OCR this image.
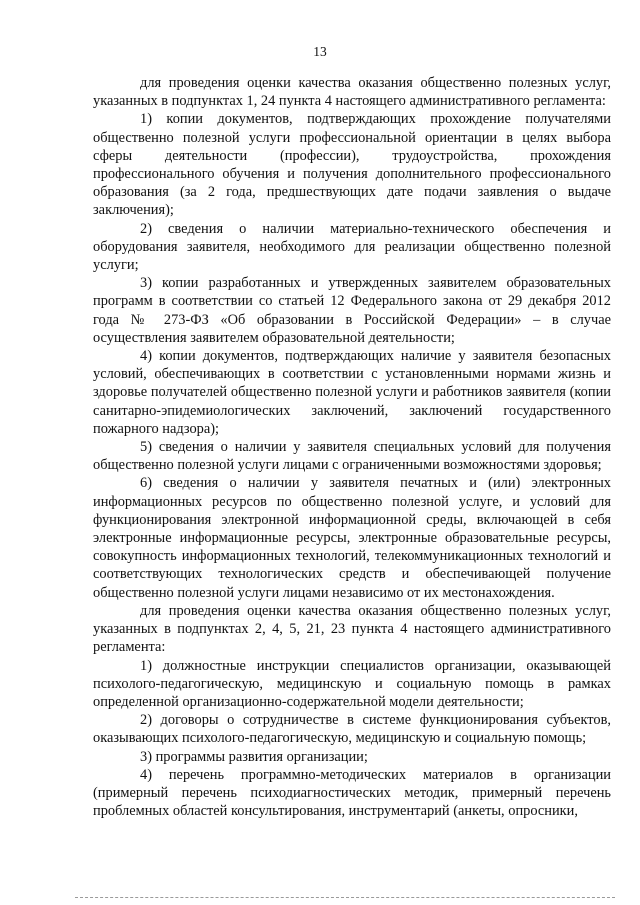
13

для проведения оценки качества оказания общественно полезных услуг, указанных в подпунктах 1, 24 пункта 4 настоящего административного регламента:

1) копии документов, подтверждающих прохождение получателями общественно полезной услуги профессиональной ориентации в целях выбора сферы деятельности (профессии), трудоустройства, прохождения профессионального обучения и получения дополнительного профессионального образования (за 2 года, предшествующих дате подачи заявления о выдаче заключения);

2) сведения о наличии материально-технического обеспечения и оборудования заявителя, необходимого для реализации общественно полезной услуги;

3) копии разработанных и утвержденных заявителем образовательных программ в соответствии со статьей 12 Федерального закона от 29 декабря 2012 года № 273-ФЗ «Об образовании в Российской Федерации» – в случае осуществления заявителем образовательной деятельности;

4) копии документов, подтверждающих наличие у заявителя безопасных условий, обеспечивающих в соответствии с установленными нормами жизнь и здоровье получателей общественно полезной услуги и работников заявителя (копии санитарно-эпидемиологических заключений, заключений государственного пожарного надзора);

5) сведения о наличии у заявителя специальных условий для получения общественно полезной услуги лицами с ограниченными возможностями здоровья;

6) сведения о наличии у заявителя печатных и (или) электронных информационных ресурсов по общественно полезной услуге, и условий для функционирования электронной информационной среды, включающей в себя электронные информационные ресурсы, электронные образовательные ресурсы, совокупность информационных технологий, телекоммуникационных технологий и соответствующих технологических средств и обеспечивающей получение общественно полезной услуги лицами независимо от их местонахождения.

для проведения оценки качества оказания общественно полезных услуг, указанных в подпунктах 2, 4, 5, 21, 23 пункта 4 настоящего административного регламента:

1) должностные инструкции специалистов организации, оказывающей психолого-педагогическую, медицинскую и социальную помощь в рамках определенной организационно-содержательной модели деятельности;

2) договоры о сотрудничестве в системе функционирования субъектов, оказывающих психолого-педагогическую, медицинскую и социальную помощь;

3) программы развития организации;

4) перечень программно-методических материалов в организации (примерный перечень психодиагностических методик, примерный перечень проблемных областей консультирования, инструментарий (анкеты, опросники,
